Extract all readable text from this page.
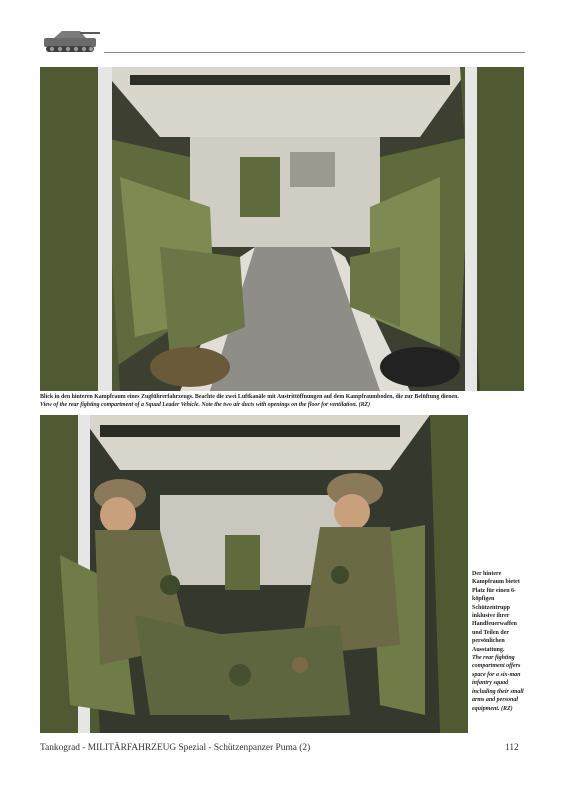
Blick in den hinteren Kampfraum eines Zugführerfahrzeugs. Beachte die zwei Luftkanäle mit Austrittöffnungen auf dem Kampfraumboden, die zur Belüftung dienen.
View of the rear fighting compartment of a Squad Leader Vehicle. Note the two air ducts with openings on the floor for ventilation. (RZ)
Der hintere Kampfraum bietet Platz für einen 6-köpfigen Schützentrupp inklusive ihrer Handfeuerwaffen und Teilen der persönlichen Ausstattung.
The rear fighting compartment offers space for a six-man infantry squad including their small arms and personal equipment. (RZ)
Tankograd - MILITÄRFAHRZEUG Spezial - Schützenpanzer Puma (2)	112
